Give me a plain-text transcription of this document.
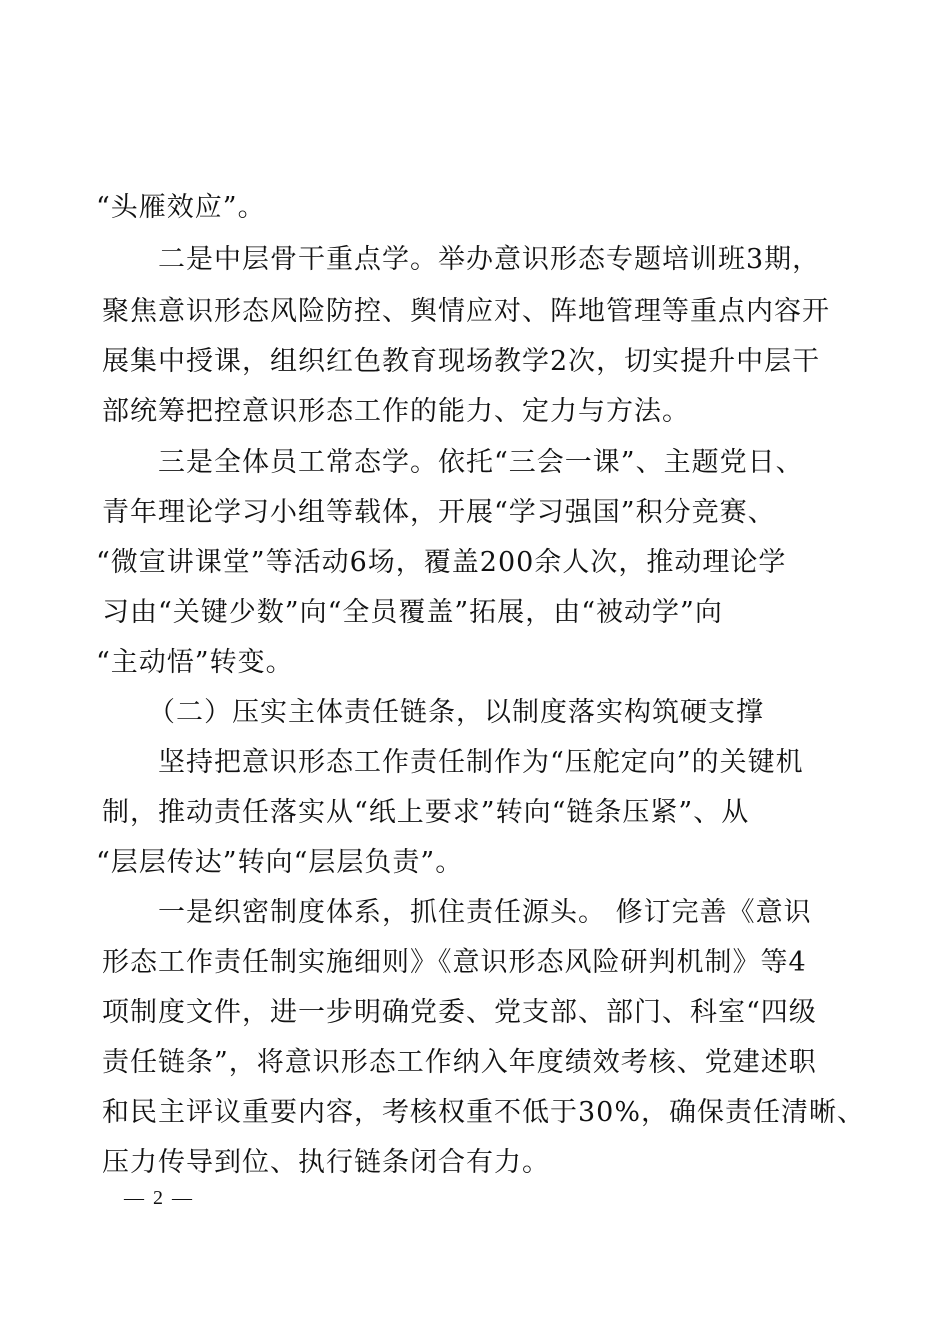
“头雁效应”。
二是中层骨干重点学。举办意识形态专题培训班3期，
聚焦意识形态风险防控、舆情应对、阵地管理等重点内容开
展集中授课，组织红色教育现场教学2次，切实提升中层干
部统筹把控意识形态工作的能力、定力与方法。
三是全体员工常态学。依托“三会一课”、主题党日、
青年理论学习小组等载体，开展“学习强国”积分竞赛、
“微宣讲课堂”等活动6场，覆盖200余人次，推动理论学
习由“关键少数”向“全员覆盖”拓展，由“被动学”向
“主动悟”转变。
（二）压实主体责任链条，以制度落实构筑硬支撑
坚持把意识形态工作责任制作为“压舵定向”的关键机
制，推动责任落实从“纸上要求”转向“链条压紧”、从
“层层传达”转向“层层负责”。
一是织密制度体系，抓住责任源头。 修订完善《意识
形态工作责任制实施细则》《意识形态风险研判机制》等4
项制度文件，进一步明确党委、党支部、部门、科室“四级
责任链条”，将意识形态工作纳入年度绩效考核、党建述职
和民主评议重要内容，考核权重不低于30%，确保责任清晰、
压力传导到位、执行链条闭合有力。
— 2 —
